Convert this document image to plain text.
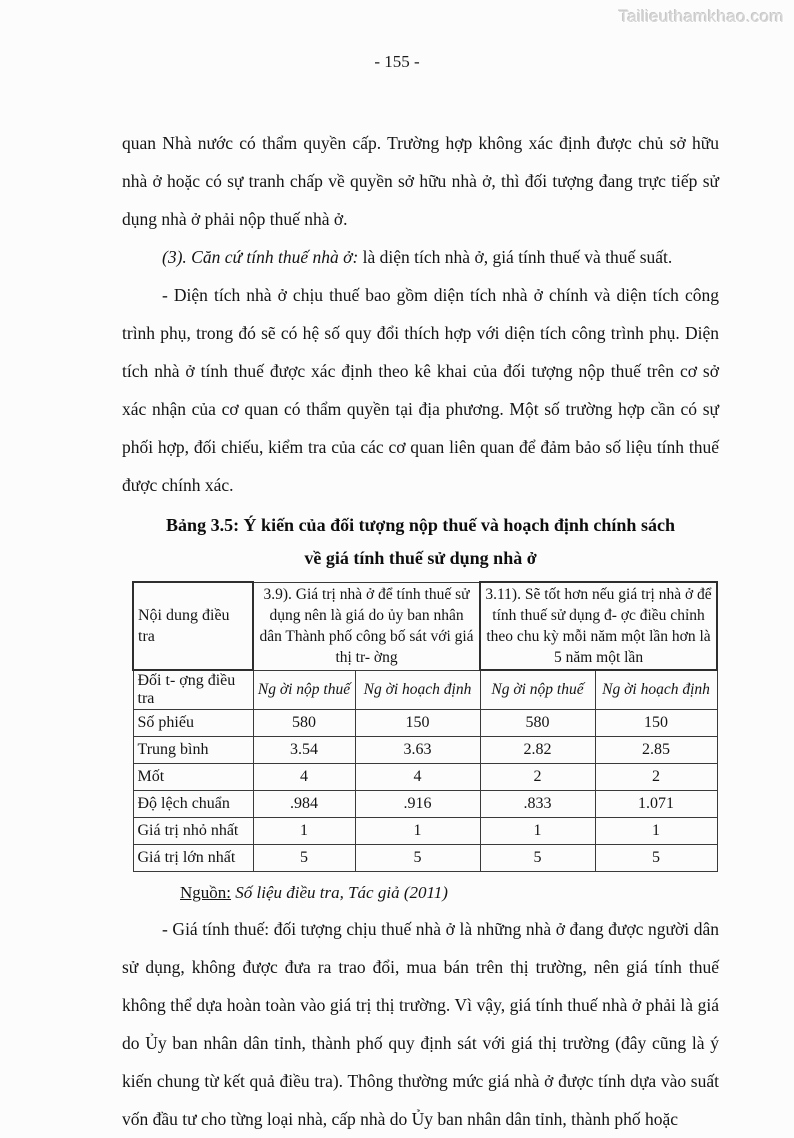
Tailieuthamkhao.com
- 155 -

quan Nhà nước có thẩm quyền cấp. Trường hợp không xác định được chủ sở hữu nhà ở hoặc có sự tranh chấp về quyền sở hữu nhà ở, thì đối tượng đang trực tiếp sử dụng nhà ở phải nộp thuế nhà ở.

(3). Căn cứ tính thuế nhà ở: là diện tích nhà ở, giá tính thuế và thuế suất.

- Diện tích nhà ở chịu thuế bao gồm diện tích nhà ở chính và diện tích công trình phụ, trong đó sẽ có hệ số quy đổi thích hợp với diện tích công trình phụ. Diện tích nhà ở tính thuế được xác định theo kê khai của đối tượng nộp thuế trên cơ sở xác nhận của cơ quan có thẩm quyền tại địa phương. Một số trường hợp cần có sự phối hợp, đối chiếu, kiểm tra của các cơ quan liên quan để đảm bảo số liệu tính thuế được chính xác.

Bảng 3.5: Ý kiến của đối tượng nộp thuế và hoạch định chính sách
về giá tính thuế sử dụng nhà ở
Nội dung điều tra	3.9). Giá trị nhà ở để tính thuế sử dụng nên là giá do ủy ban nhân dân Thành phố công bố sát với giá thị tr- ờng		3.11). Sẽ tốt hơn nếu giá trị nhà ở để tính thuế sử dụng đ- ợc điều chỉnh theo chu kỳ mỗi năm một lần hơn là 5 năm một lần	
Đối t- ợng điều tra	Ng ời nộp thuế	Ng ời hoạch định	Ng ời nộp thuế	Ng ời hoạch định
Số phiếu	580	150	580	150
Trung bình	3.54	3.63	2.82	2.85
Mốt	4	4	2	2
Độ lệch chuẩn	.984	.916	.833	1.071
Giá trị nhỏ nhất	1	1	1	1
Giá trị lớn nhất	5	5	5	5
Nguồn: Số liệu điều tra, Tác giả (2011)

- Giá tính thuế: đối tượng chịu thuế nhà ở là những nhà ở đang được người dân sử dụng, không được đưa ra trao đổi, mua bán trên thị trường, nên giá tính thuế không thể dựa hoàn toàn vào giá trị thị trường. Vì vậy, giá tính thuế nhà ở phải là giá do Ủy ban nhân dân tỉnh, thành phố quy định sát với giá thị trường (đây cũng là ý kiến chung từ kết quả điều tra). Thông thường mức giá nhà ở được tính dựa vào suất vốn đầu tư cho từng loại nhà, cấp nhà do Ủy ban nhân dân tỉnh, thành phố hoặc
